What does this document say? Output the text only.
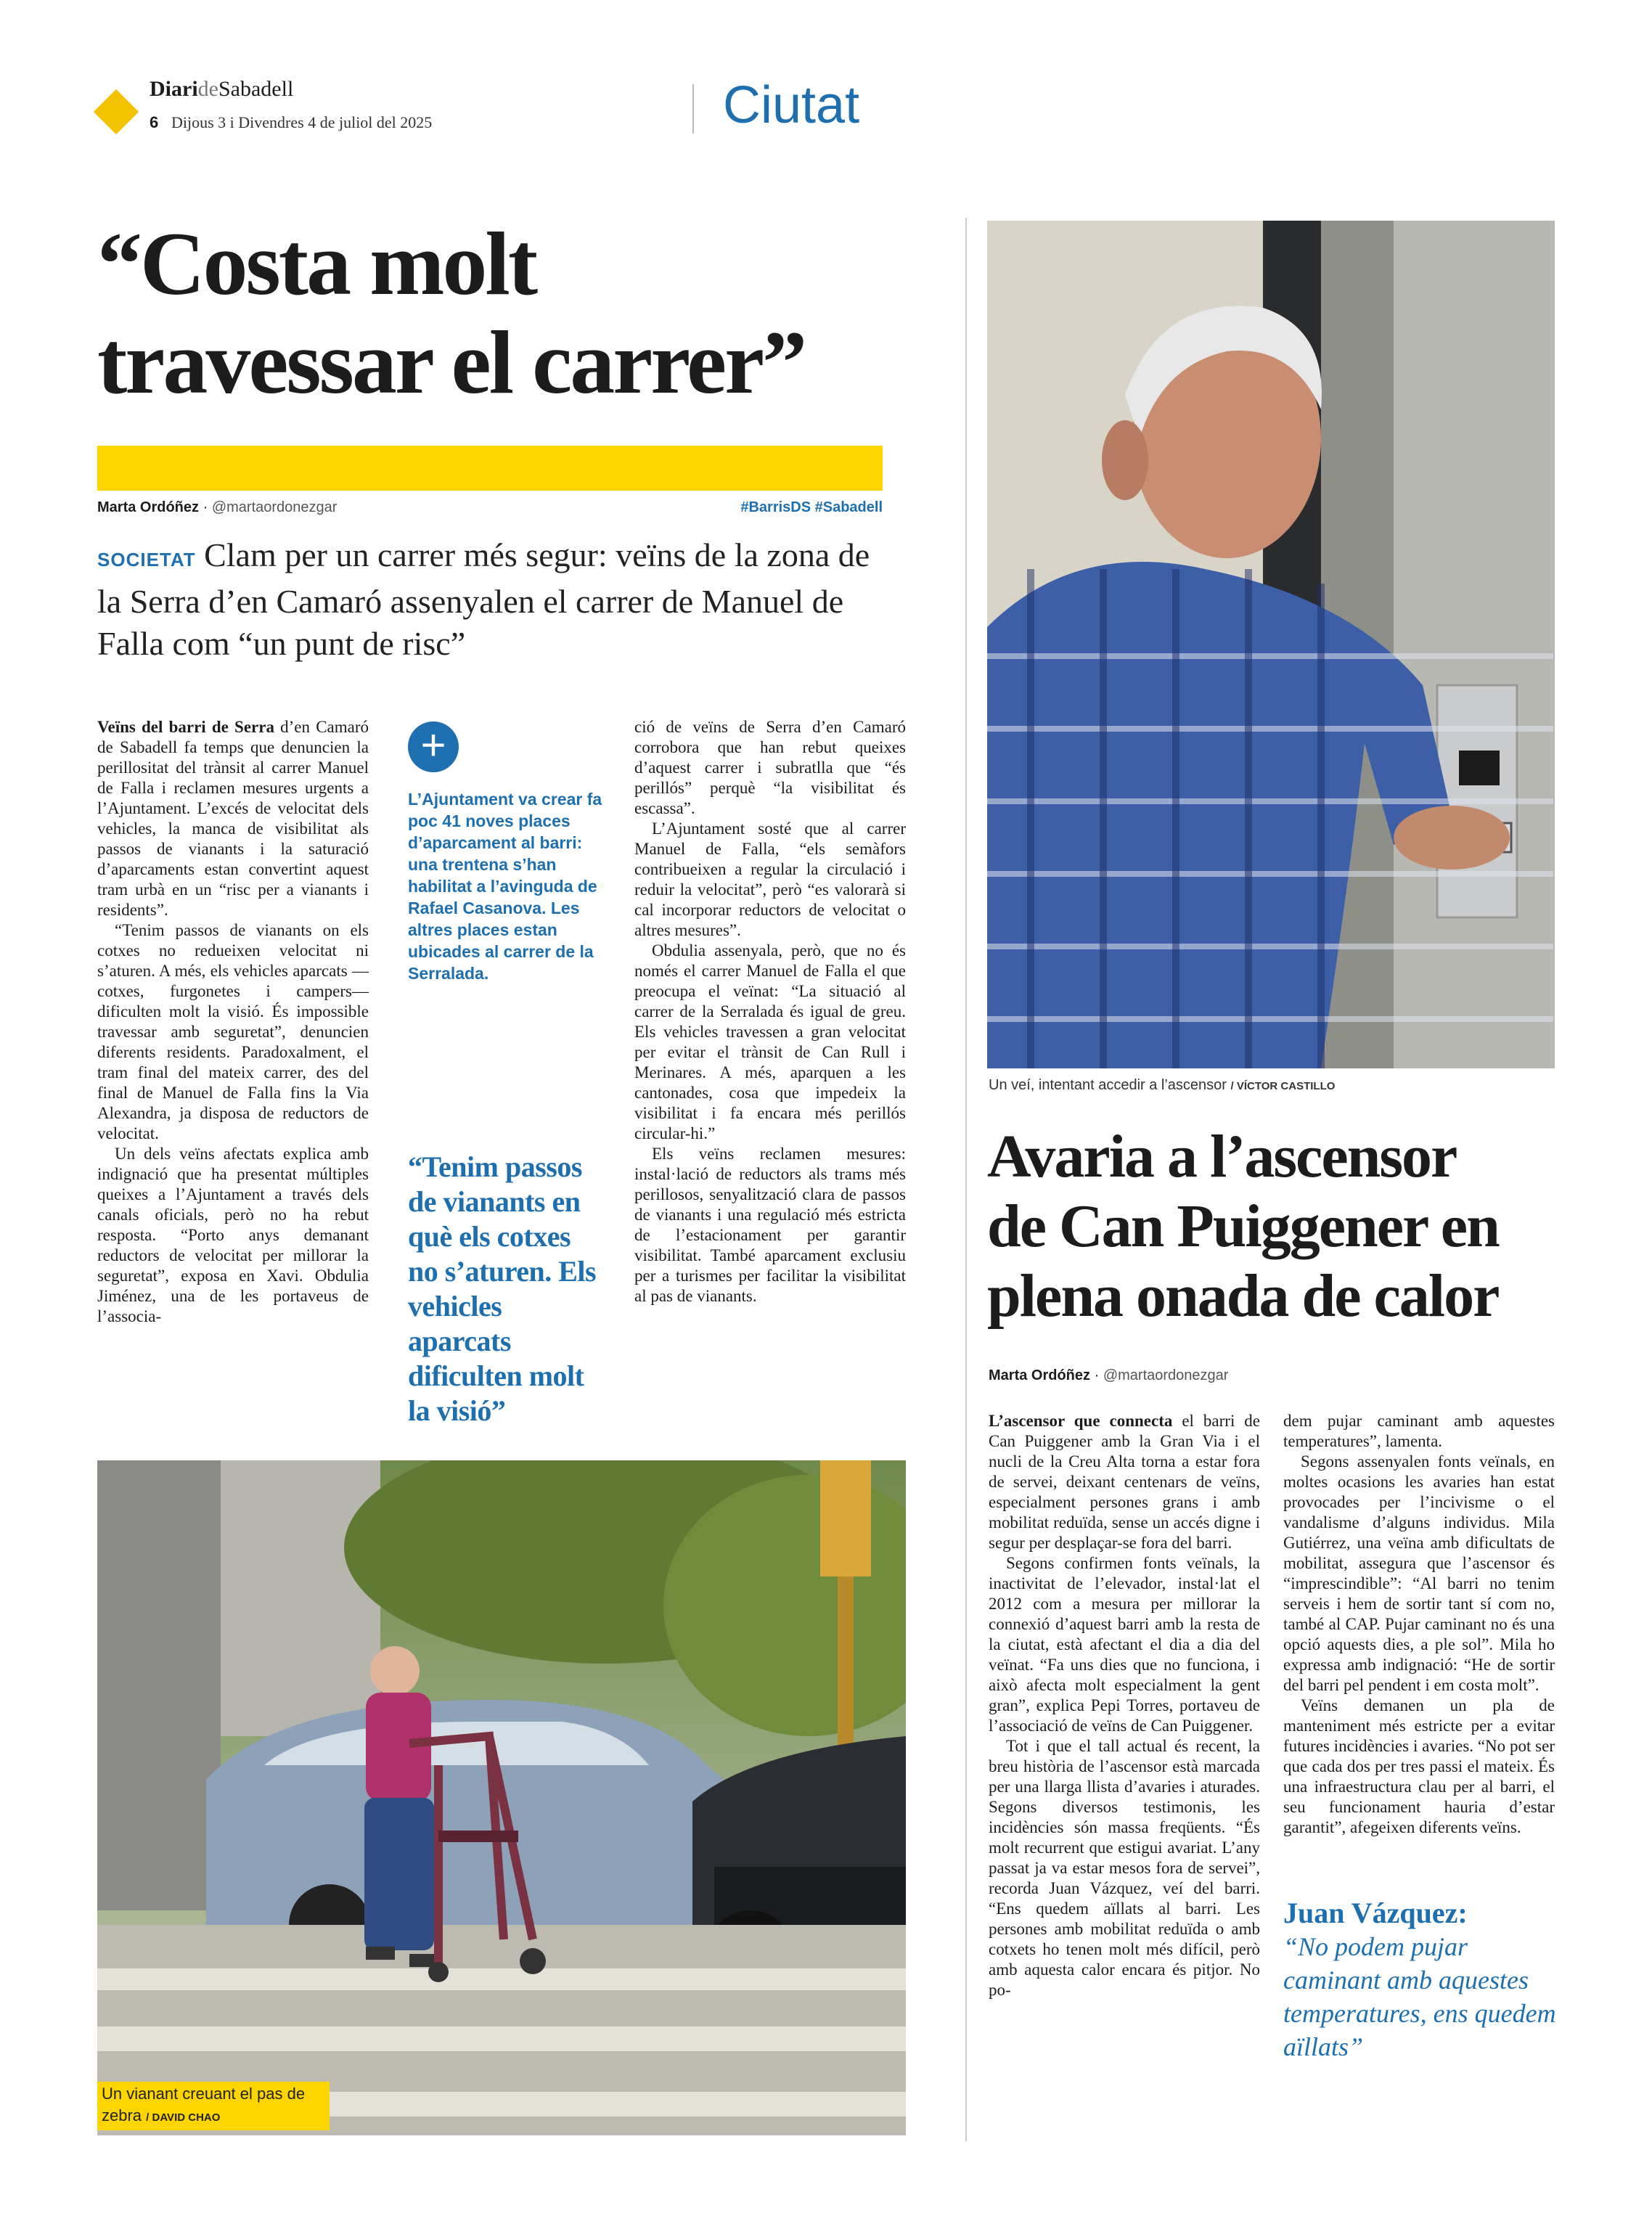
DiarideSabadell
6 Dijous 3 i Divendres 4 de juliol del 2025	Ciutat
“Costa molt
travessar el carrer”
Marta Ordóñez · @martaordonezgar	#BarrisDS #Sabadell
SOCIETAT Clam per un carrer més segur: veïns de la zona de la Serra d’en Camaró assenyalen el carrer de Manuel de Falla com “un punt de risc”

Veïns del barri de Serra d’en Camaró de Sabadell fa temps que denuncien la perillositat del trànsit al carrer Manuel de Falla i reclamen mesures urgents a l’Ajuntament. L’excés de velocitat dels vehicles, la manca de visibilitat als passos de vianants i la saturació d’aparcaments estan convertint aquest tram urbà en un “risc per a vianants i residents”.

“Tenim passos de vianants on els cotxes no redueixen velocitat ni s’aturen. A més, els vehicles aparcats —cotxes, furgonetes i campers— dificulten molt la visió. És impossible travessar amb seguretat”, denuncien diferents residents. Paradoxalment, el tram final del mateix carrer, des del final de Manuel de Falla fins la Via Alexandra, ja disposa de reductors de velocitat.

Un dels veïns afectats explica amb indignació que ha presentat múltiples queixes a l’Ajuntament a través dels canals oficials, però no ha rebut resposta. “Porto anys demanant reductors de velocitat per millorar la seguretat”, exposa en Xavi. Obdulia Jiménez, una de les portaveus de l’associa-

+
L’Ajuntament va crear fa poc 41 noves places d’aparcament al barri: una trentena s’han habilitat a l’avinguda de Rafael Casanova. Les altres places estan ubicades al carrer de la Serralada.
“Tenim passos de vianants en què els cotxes no s’aturen. Els vehicles aparcats dificulten molt la visió”

ció de veïns de Serra d’en Camaró corrobora que han rebut queixes d’aquest carrer i subratlla que “és perillós” perquè “la visibilitat és escassa”.

L’Ajuntament sosté que al carrer Manuel de Falla, “els semàfors contribueixen a regular la circulació i reduir la velocitat”, però “es valorarà si cal incorporar reductors de velocitat o altres mesures”.

Obdulia assenyala, però, que no és només el carrer Manuel de Falla el que preocupa el veïnat: “La situació al carrer de la Serralada és igual de greu. Els vehicles travessen a gran velocitat per evitar el trànsit de Can Rull i Merinares. A més, aparquen a les cantonades, cosa que impedeix la visibilitat i fa encara més perillós circular-hi.”

Els veïns reclamen mesures: instal·lació de reductors als trams més perillosos, senyalització clara de passos de vianants i una regulació més estricta de l’estacionament per garantir visibilitat. També aparcament exclusiu per a turismes per facilitar la visibilitat al pas de vianants.

Un vianant creuant el pas de zebra / DAVID CHAO
Un veí, intentant accedir a l’ascensor / VÍCTOR CASTILLO
Avaria a l’ascensor
de Can Puiggener en
plena onada de calor
Marta Ordóñez · @martaordonezgar

L’ascensor que connecta el barri de Can Puiggener amb la Gran Via i el nucli de la Creu Alta torna a estar fora de servei, deixant centenars de veïns, especialment persones grans i amb mobilitat reduïda, sense un accés digne i segur per desplaçar-se fora del barri.

Segons confirmen fonts veïnals, la inactivitat de l’elevador, instal·lat el 2012 com a mesura per millorar la connexió d’aquest barri amb la resta de la ciutat, està afectant el dia a dia del veïnat. “Fa uns dies que no funciona, i això afecta molt especialment la gent gran”, explica Pepi Torres, portaveu de l’associació de veïns de Can Puiggener.

Tot i que el tall actual és recent, la breu història de l’ascensor està marcada per una llarga llista d’avaries i aturades. Segons diversos testimonis, les incidències són massa freqüents. “És molt recurrent que estigui avariat. L’any passat ja va estar mesos fora de servei”, recorda Juan Vázquez, veí del barri. “Ens quedem aïllats al barri. Les persones amb mobilitat reduïda o amb cotxets ho tenen molt més difícil, però amb aquesta calor encara és pitjor. No po-

dem pujar caminant amb aquestes temperatures”, lamenta.

Segons assenyalen fonts veïnals, en moltes ocasions les avaries han estat provocades per l’incivisme o el vandalisme d’alguns individus. Mila Gutiérrez, una veïna amb dificultats de mobilitat, assegura que l’ascensor és “imprescindible”: “Al barri no tenim serveis i hem de sortir tant sí com no, també al CAP. Pujar caminant no és una opció aquests dies, a ple sol”. Mila ho expressa amb indignació: “He de sortir del barri pel pendent i em costa molt”.

Veïns demanen un pla de manteniment més estricte per a evitar futures incidències i avaries. “No pot ser que cada dos per tres passi el mateix. És una infraestructura clau per al barri, el seu funcionament hauria d’estar garantit”, afegeixen diferents veïns.

Juan Vázquez:
“No podem pujar caminant amb aquestes temperatures, ens quedem aïllats”
